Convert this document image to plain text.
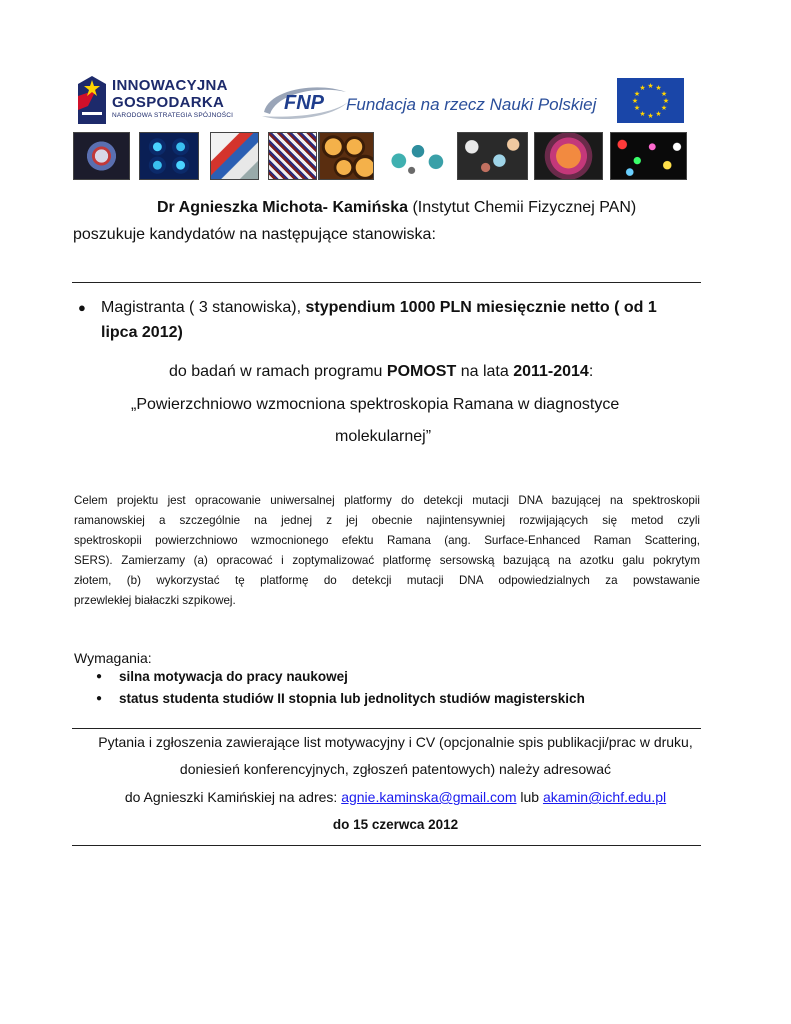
INNOWACYJNA
GOSPODARKA
NARODOWA STRATEGIA SPÓJNOŚCI
FNP Fundacja na rzecz Nauki Polskiej
★ ★
★
★
★
★
★
★
★
★
★
★
Dr Agnieszka Michota- Kamińska (Instytut Chemii Fizycznej PAN)
poszukuje kandydatów na następujące stanowiska:
● Magistranta ( 3 stanowiska), stypendium 1000 PLN miesięcznie netto ( od 1
lipca 2012)
do badań w ramach programu POMOST na lata 2011-2014:
„Powierzchniowo wzmocniona spektroskopia Ramana w diagnostyce
molekularnej”
Celem projektu jest opracowanie uniwersalnej platformy do detekcji mutacji DNA bazującej na spektroskopii
ramanowskiej a szczególnie na jednej z jej obecnie najintensywniej rozwijających się metod czyli
spektroskopii powierzchniowo wzmocnionego efektu Ramana (ang. Surface-Enhanced Raman Scattering,
SERS). Zamierzamy (a) opracować i zoptymalizować platformę sersowską bazującą na azotku galu pokrytym
złotem, (b) wykorzystać tę platformę do detekcji mutacji DNA odpowiedzialnych za powstawanie
przewlekłej białaczki szpikowej.
Wymagania:
● silna motywacja do pracy naukowej
● status studenta studiów II stopnia lub jednolitych studiów magisterskich
Pytania i zgłoszenia zawierające list motywacyjny i CV (opcjonalnie spis publikacji/prac w druku,
doniesień konferencyjnych, zgłoszeń patentowych) należy adresować
do Agnieszki Kamińskiej na adres: agnie.kaminska@gmail.com lub akamin@ichf.edu.pl
do 15 czerwca 2012
